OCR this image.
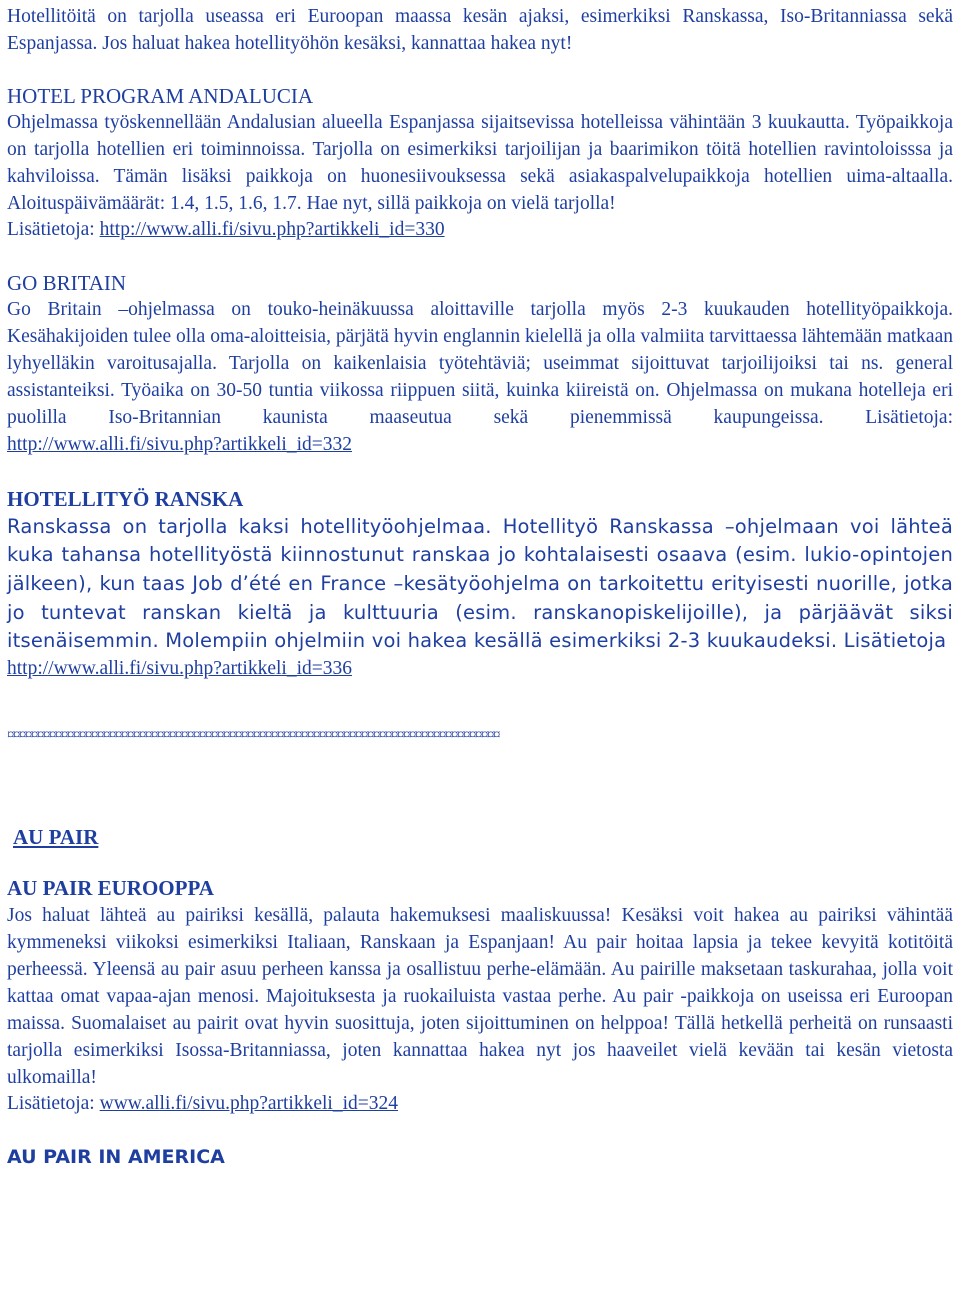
Hotellitöitä on tarjolla useassa eri Euroopan maassa kesän ajaksi, esimerkiksi Ranskassa, Iso-Britanniassa sekä Espanjassa. Jos haluat hakea hotellityöhön kesäksi, kannattaa hakea nyt!

HOTEL PROGRAM ANDALUCIA

Ohjelmassa työskennellään Andalusian alueella Espanjassa sijaitsevissa hotelleissa vähintään 3 kuukautta. Työpaikkoja on tarjolla hotellien eri toiminnoissa. Tarjolla on esimerkiksi tarjoilijan ja baarimikon töitä hotellien ravintoloisssa ja kahviloissa. Tämän lisäksi paikkoja on huonesiivouksessa sekä asiakaspalvelupaikkoja hotellien uima-altaalla. Aloituspäivämäärät: 1.4, 1.5, 1.6, 1.7. Hae nyt, sillä paikkoja on vielä tarjolla!

Lisätietoja: http://www.alli.fi/sivu.php?artikkeli_id=330
GO BRITAIN

Go Britain –ohjelmassa on touko-heinäkuussa aloittaville tarjolla myös 2-3 kuukauden hotellityöpaikkoja. Kesähakijoiden tulee olla oma-aloitteisia, pärjätä hyvin englannin kielellä ja olla valmiita tarvittaessa lähtemään matkaan lyhyelläkin varoitusajalla. Tarjolla on kaikenlaisia työtehtäviä; useimmat sijoittuvat tarjoilijoiksi tai ns. general assistanteiksi. Työaika on 30-50 tuntia viikossa riippuen siitä, kuinka kiireistä on. Ohjelmassa on mukana hotelleja eri puolilla Iso-Britannian kaunista maaseutua sekä pienemmissä kaupungeissa. Lisätietoja:

http://www.alli.fi/sivu.php?artikkeli_id=332
HOTELLITYÖ RANSKA

Ranskassa on tarjolla kaksi hotellityöohjelmaa. Hotellityö Ranskassa –ohjelmaan voi lähteä kuka tahansa hotellityöstä kiinnostunut ranskaa jo kohtalaisesti osaava (esim. lukio-opintojen jälkeen), kun taas Job d’été en France –kesätyöohjelma on tarkoitettu erityisesti nuorille, jotka jo tuntevat ranskan kieltä ja kulttuuria (esim. ranskanopiskelijoille), ja pärjäävät siksi itsenäisemmin. Molempiin ohjelmiin voi hakea kesällä esimerkiksi 2-3 kuukaudeksi. Lisätietoja

http://www.alli.fi/sivu.php?artikkeli_id=336
¤¤¤¤¤¤¤¤¤¤¤¤¤¤¤¤¤¤¤¤¤¤¤¤¤¤¤¤¤¤¤¤¤¤¤¤¤¤¤¤¤¤¤¤¤¤¤¤¤¤¤¤¤¤¤¤¤¤¤¤¤¤¤¤¤¤¤¤¤¤¤¤¤¤¤¤¤¤¤¤¤¤
AU PAIR
AU PAIR EUROOPPA

Jos haluat lähteä au pairiksi kesällä, palauta hakemuksesi maaliskuussa! Kesäksi voit hakea au pairiksi vähintää kymmeneksi viikoksi esimerkiksi Italiaan, Ranskaan ja Espanjaan! Au pair hoitaa lapsia ja tekee kevyitä kotitöitä perheessä. Yleensä au pair asuu perheen kanssa ja osallistuu perhe-elämään. Au pairille maksetaan taskurahaa, jolla voit kattaa omat vapaa-ajan menosi. Majoituksesta ja ruokailuista vastaa perhe. Au pair -paikkoja on useissa eri Euroopan maissa. Suomalaiset au pairit ovat hyvin suosittuja, joten sijoittuminen on helppoa! Tällä hetkellä perheitä on runsaasti tarjolla esimerkiksi Isossa-Britanniassa, joten kannattaa hakea nyt jos haaveilet vielä kevään tai kesän vietosta ulkomailla!

Lisätietoja: www.alli.fi/sivu.php?artikkeli_id=324
AU PAIR IN AMERICA
